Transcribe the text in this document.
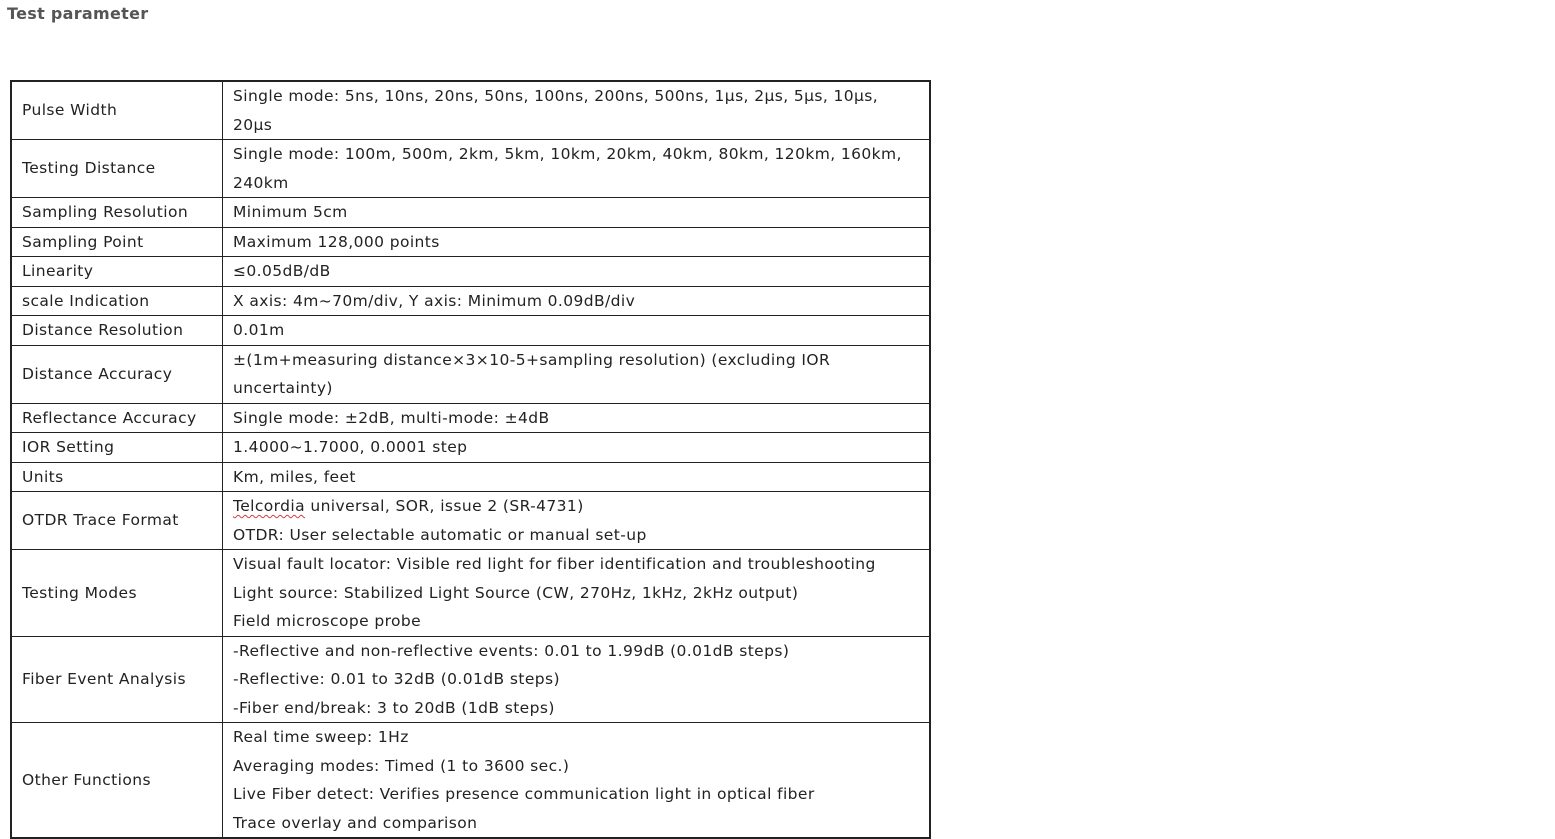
Test parameter
Pulse Width	Single mode: 5ns, 10ns, 20ns, 50ns, 100ns, 200ns, 500ns, 1μs, 2μs, 5μs, 10μs, 20μs

Testing Distance	Single mode: 100m, 500m, 2km, 5km, 10km, 20km, 40km, 80km, 120km, 160km, 240km

Sampling Resolution	Minimum 5cm

Sampling Point	Maximum 128,000 points

Linearity	≤0.05dB/dB

scale Indication	X axis: 4m~70m/div, Y axis: Minimum 0.09dB/div

Distance Resolution	0.01m

Distance Accuracy	±(1m+measuring distance×3×10-5+sampling resolution) (excluding IOR uncertainty)

Reflectance Accuracy	Single mode: ±2dB, multi-mode: ±4dB

IOR Setting	1.4000~1.7000, 0.0001 step

Units	Km, miles, feet

OTDR Trace Format	Telcordia universal, SOR, issue 2 (SR-4731)
OTDR: User selectable automatic or manual set-up

Testing Modes	Visual fault locator: Visible red light for fiber identification and troubleshooting
Light source: Stabilized Light Source (CW, 270Hz, 1kHz, 2kHz output)
Field microscope probe

Fiber Event Analysis	-Reflective and non-reflective events: 0.01 to 1.99dB (0.01dB steps)
-Reflective: 0.01 to 32dB (0.01dB steps)
-Fiber end/break: 3 to 20dB (1dB steps)

Other Functions	Real time sweep: 1Hz
Averaging modes: Timed (1 to 3600 sec.)
Live Fiber detect: Verifies presence communication light in optical fiber
Trace overlay and comparison
